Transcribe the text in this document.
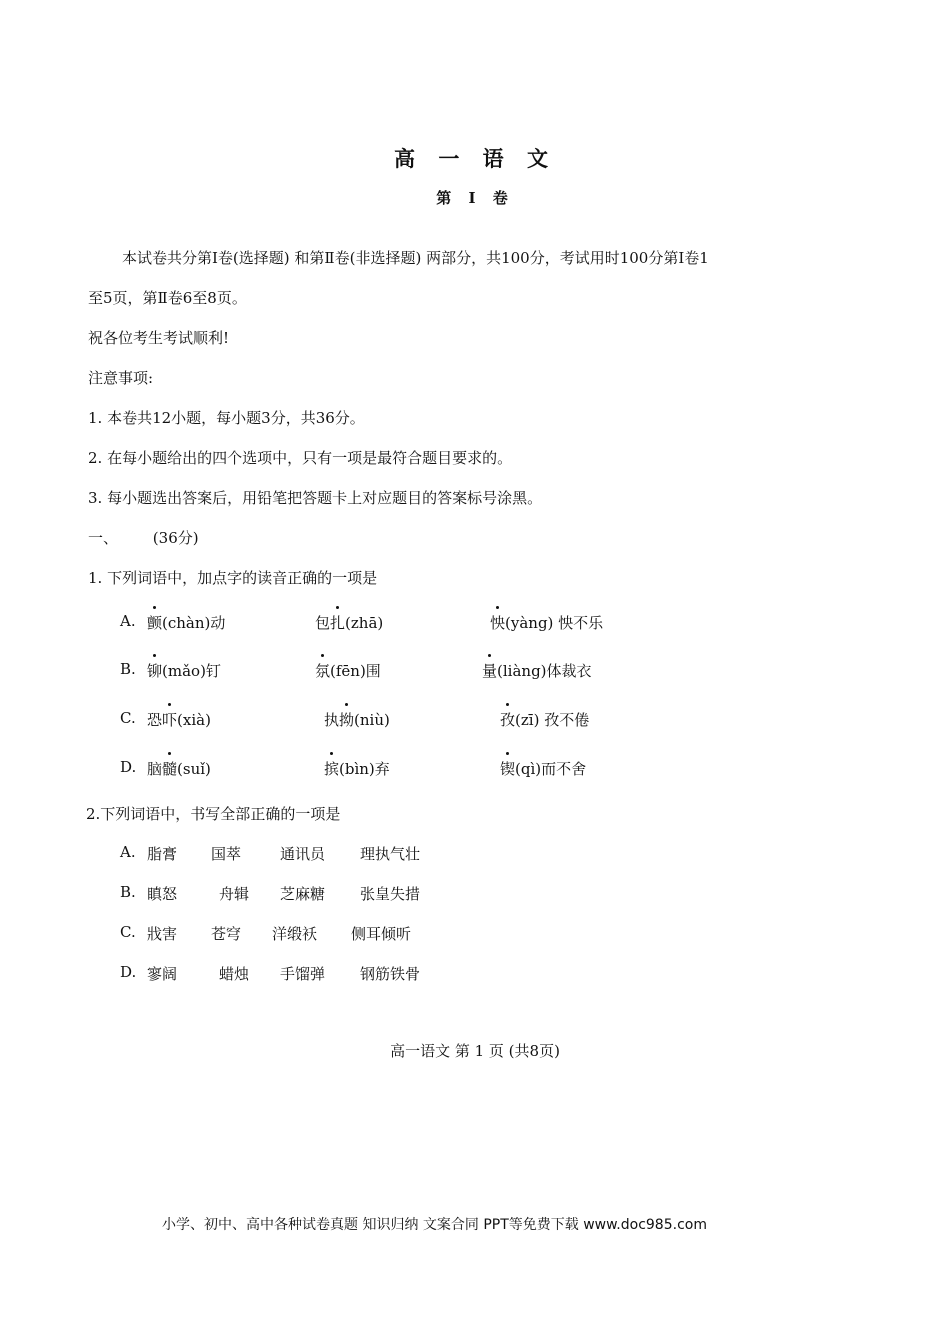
高 一 语 文
第 Ⅰ 卷
本试卷共分第Ⅰ卷(选择题) 和第Ⅱ卷(非选择题) 两部分，共100分，考试用时100分第Ⅰ卷1
至5页，第Ⅱ卷6至8页。
祝各位考生考试顺利!
注意事项:
1. 本卷共12小题，每小题3分，共36分。
2. 在每小题给出的四个选项中，只有一项是最符合题目要求的。
3. 每小题选出答案后，用铅笔把答题卡上对应题目的答案标号涂黑。
一、 (36分)
1. 下列词语中，加点字的读音正确的一项是
A. 颤(chàn)动	包扎(zhā)	怏(yàng) 怏不乐
B. 铆(mǎo)钉	氛(fēn)围	量(liàng)体裁衣
C. 恐吓(xià)	执拗(niù)	孜(zī) 孜不倦
D. 脑髓(suǐ)	摈(bìn)弃	锲(qì)而不舍
2.下列词语中，书写全部正确的一项是
A. 脂膏 国萃	通讯员 理执气壮
B. 瞋怒	舟辑 芝麻糖 张皇失措
C. 戕害 苍穹 洋缎袄 侧耳倾听
D. 寥阔	蜡烛 手馏弹 钢筋铁骨
高一语文 第 1 页 (共8页)
小学、初中、高中各种试卷真题 知识归纳 文案合同 PPT等免费下载 www.doc985.com
